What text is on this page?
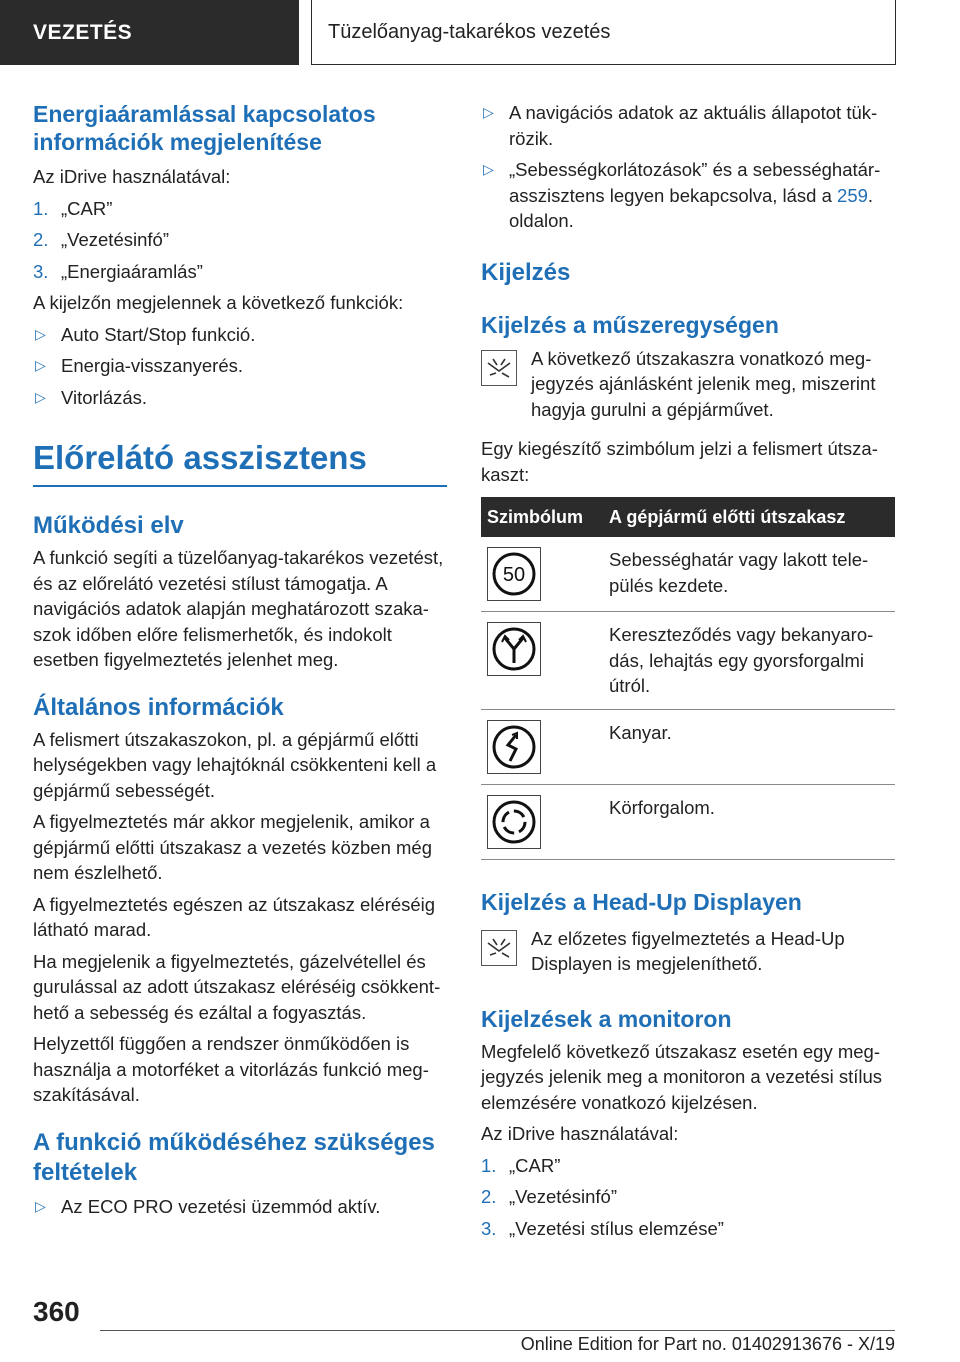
VEZETÉS	Tüzelőanyag-takarékos vezetés
Energiaáramlással kapcsolatos információk megjelenítése

Az iDrive használatával:

1. „CAR”
2. „Vezetésinfó”
3. „Energiaáramlás”

A kijelzőn megjelennek a következő funkciók:

▷ Auto Start/Stop funkció.
▷ Energia-visszanyerés.
▷ Vitorlázás.
Előrelátó asszisztens
Működési elv

A funkció segíti a tüzelőanyag-takarékos vezetést, és az előrelátó vezetési stílust támogatja. A navigációs adatok alapján meghatározott szakaszok időben előre felismerhetők, és indokolt esetben figyelmeztetés jelenhet meg.

Általános információk

A felismert útszakaszokon, pl. a gépjármű előtti helységekben vagy lehajtóknál csökkenteni kell a gépjármű sebességét.

A figyelmeztetés már akkor megjelenik, amikor a gépjármű előtti útszakasz a vezetés közben még nem észlelhető.

A figyelmeztetés egészen az útszakasz eléréséig látható marad.

Ha megjelenik a figyelmeztetés, gázelvétellel és gurulással az adott útszakasz eléréséig csökkenthető a sebesség és ezáltal a fogyasztás.

Helyzettől függően a rendszer önműködően is használja a motorféket a vitorlázás funkció megszakításával.

A funkció működéséhez szükséges feltételek
▷ Az ECO PRO vezetési üzemmód aktív.
▷ A navigációs adatok az aktuális állapotot tükrözik.
▷ „Sebességkorlátozások” és a sebességhatár-asszisztens legyen bekapcsolva, lásd a 259. oldalon.
Kijelzés
Kijelzés a műszeregységen

A következő útszakaszra vonatkozó megjegyzés ajánlásként jelenik meg, miszerint hagyja gurulni a gépjárművet.

Egy kiegészítő szimbólum jelzi a felismert útszakaszt:

Szimbólum	A gépjármű előtti útszakasz

50	Sebességhatár vagy lakott település kezdete.

	Kereszteződés vagy bekanyarodás, lehajtás egy gyorsforgalmi útról.

	Kanyar.

	Körforgalom.
Kijelzés a Head-Up Displayen

Az előzetes figyelmeztetés a Head-Up Displayen is megjeleníthető.

Kijelzések a monitoron

Megfelelő következő útszakasz esetén egy megjegyzés jelenik meg a monitoron a vezetési stílus elemzésére vonatkozó kijelzésen.

Az iDrive használatával:

1. „CAR”
2. „Vezetésinfó”
3. „Vezetési stílus elemzése”
360
Online Edition for Part no. 01402913676 - X/19
